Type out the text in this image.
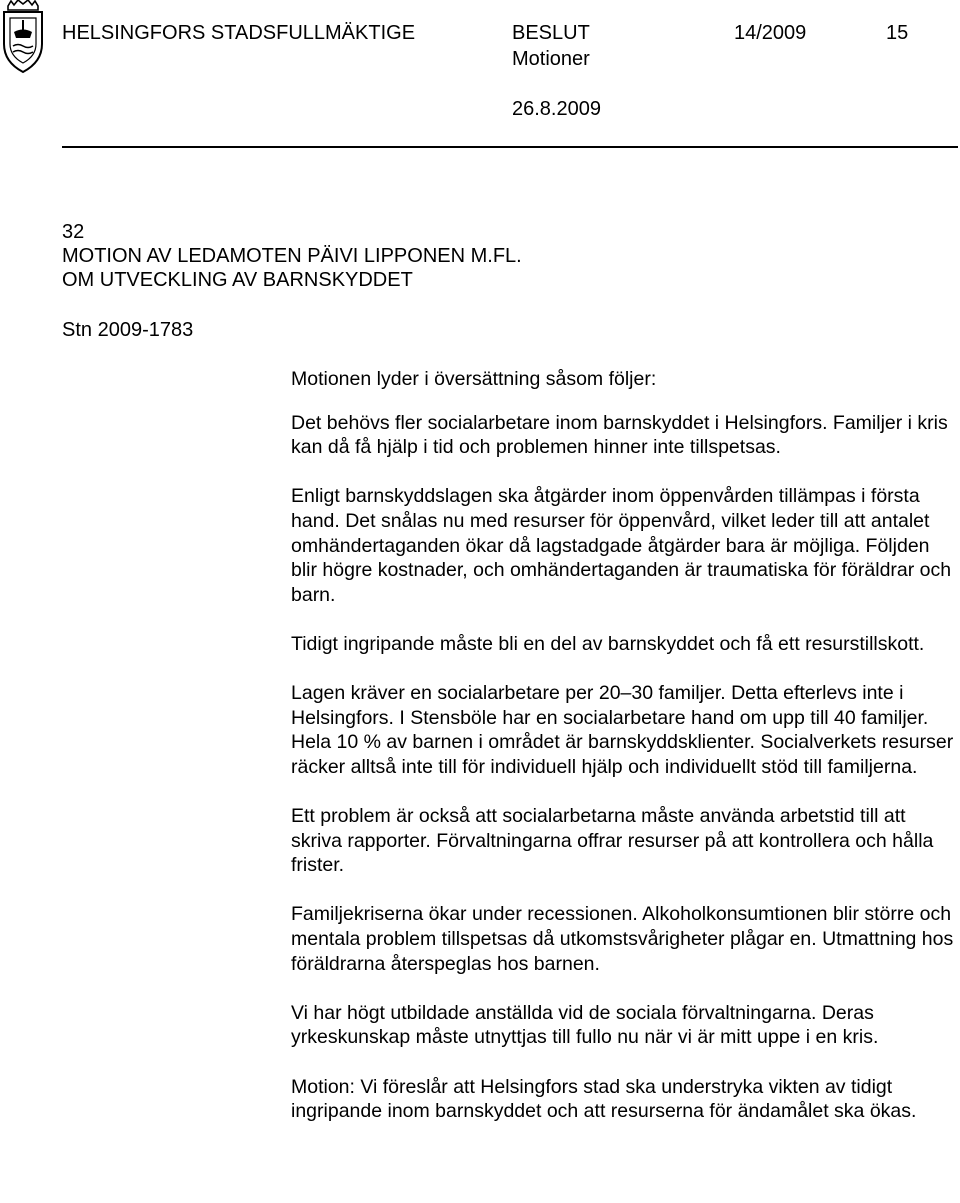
HELSINGFORS STADSFULLMÄKTIGE	BESLUT
Motioner
14/2009	15
26.8.2009
32
MOTION AV LEDAMOTEN PÄIVI LIPPONEN M.FL.
OM UTVECKLING AV BARNSKYDDET
Stn 2009-1783

Motionen lyder i översättning såsom följer:

Det behövs fler socialarbetare inom barnskyddet i Helsingfors. Familjer i kris kan då få hjälp i tid och problemen hinner inte tillspetsas.

Enligt barnskyddslagen ska åtgärder inom öppenvården tillämpas i första hand. Det snålas nu med resurser för öppenvård, vilket leder till att antalet omhändertaganden ökar då lagstadgade åtgärder bara är möjliga. Följden blir högre kostnader, och omhändertaganden är traumatiska för föräldrar och barn.

Tidigt ingripande måste bli en del av barnskyddet och få ett resurstillskott.

Lagen kräver en socialarbetare per 20–30 familjer. Detta efterlevs inte i Helsingfors. I Stensböle har en socialarbetare hand om upp till 40 familjer. Hela 10 % av barnen i området är barnskyddsklienter. Socialverkets resurser räcker alltså inte till för individuell hjälp och individuellt stöd till familjerna.

Ett problem är också att socialarbetarna måste använda arbetstid till att skriva rapporter. Förvaltningarna offrar resurser på att kontrollera och hålla frister.

Familjekriserna ökar under recessionen. Alkoholkonsumtionen blir större och mentala problem tillspetsas då utkomstsvårigheter plågar en. Utmattning hos föräldrarna återspeglas hos barnen.

Vi har högt utbildade anställda vid de sociala förvaltningarna. Deras yrkeskunskap måste utnyttjas till fullo nu när vi är mitt uppe i en kris.

Motion: Vi föreslår att Helsingfors stad ska understryka vikten av tidigt ingripande inom barnskyddet och att resurserna för ändamålet ska ökas.
